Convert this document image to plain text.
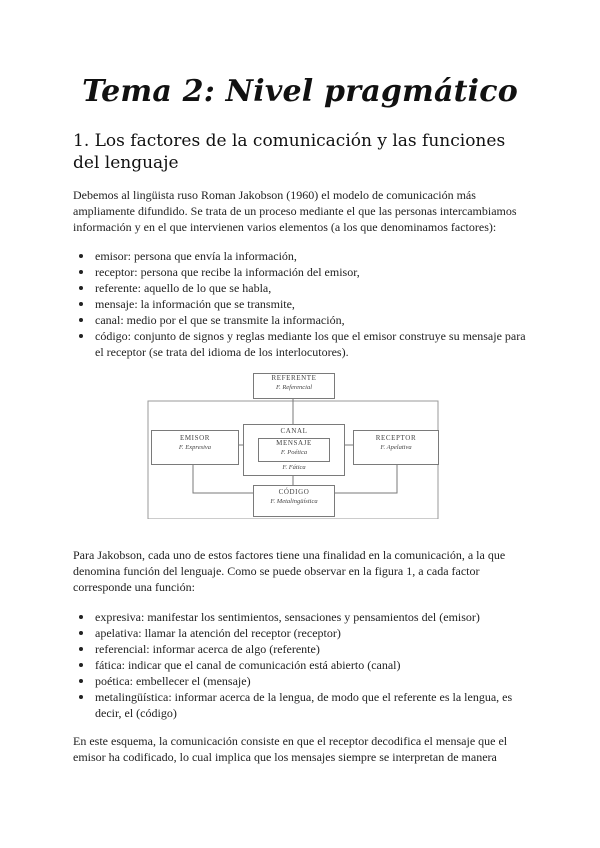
Tema 2: Nivel pragmático
1. Los factores de la comunicación y las funciones del lenguaje
Debemos al lingüista ruso Roman Jakobson (1960) el modelo de comunicación más ampliamente difundido. Se trata de un proceso mediante el que las personas intercambiamos información y en el que intervienen varios elementos (a los que denominamos factores):
emisor: persona que envía la información,
receptor: persona que recibe la información del emisor,
referente: aquello de lo que se habla,
mensaje: la información que se transmite,
canal: medio por el que se transmite la información,
código: conjunto de signos y reglas mediante los que el emisor construye su mensaje para el receptor (se trata del idioma de los interlocutores).
REFERENTE
F. Referencial
EMISOR
F. Expresiva
CANAL
MENSAJE
F. Poética
F. Fática
RECEPTOR
F. Apelativa
CÓDIGO
F. Metalingüística
Para Jakobson, cada uno de estos factores tiene una finalidad en la comunicación, a la que denomina función del lenguaje. Como se puede observar en la figura 1, a cada factor corresponde una función:
expresiva: manifestar los sentimientos, sensaciones y pensamientos del (emisor)
apelativa: llamar la atención del receptor (receptor)
referencial: informar acerca de algo (referente)
fática: indicar que el canal de comunicación está abierto (canal)
poética: embellecer el (mensaje)
metalingüística: informar acerca de la lengua, de modo que el referente es la lengua, es decir, el (código)
En este esquema, la comunicación consiste en que el receptor decodifica el mensaje que el emisor ha codificado, lo cual implica que los mensajes siempre se interpretan de manera
